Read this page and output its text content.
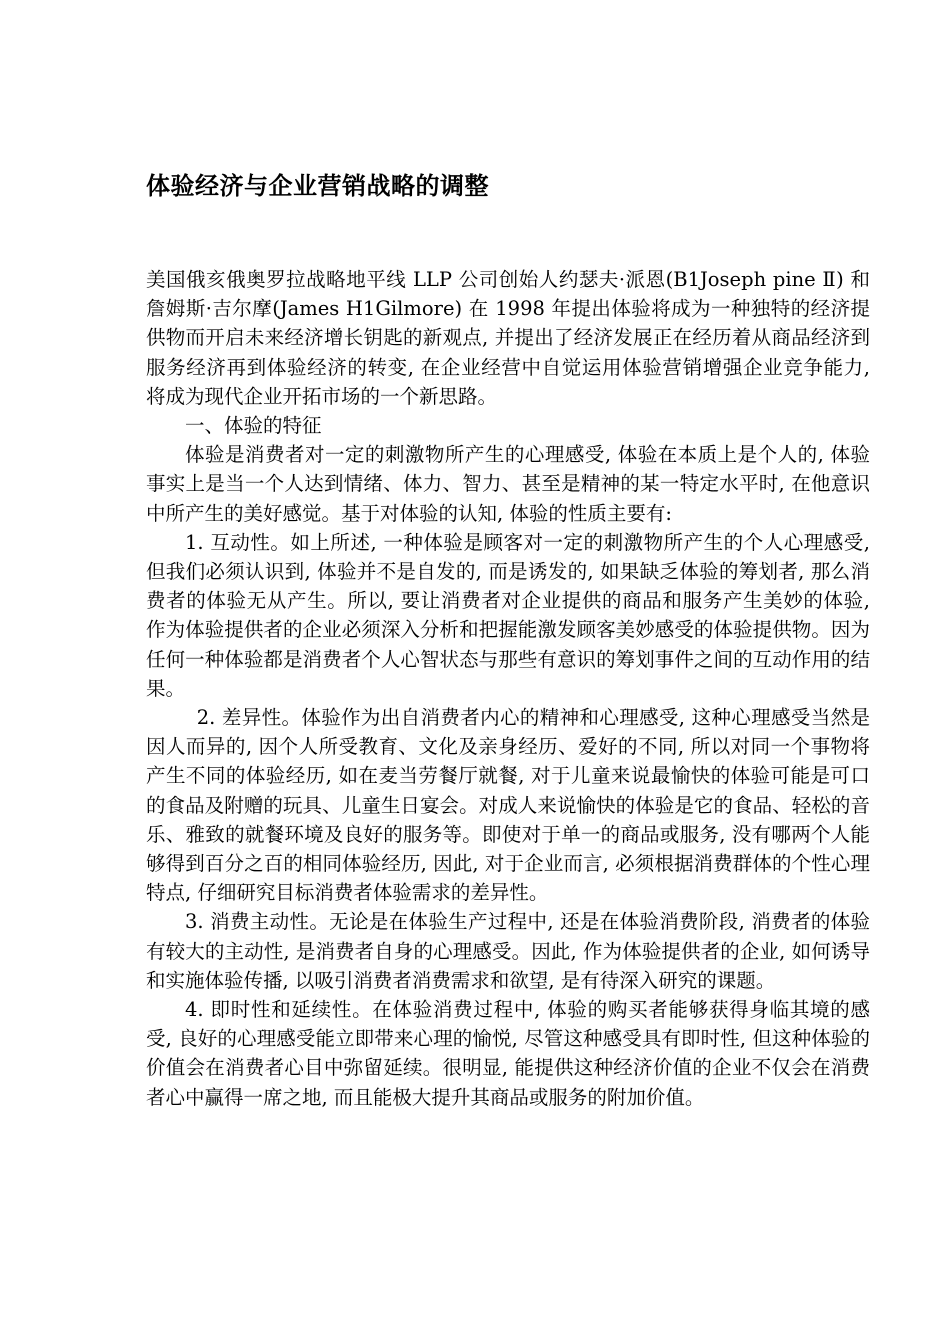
体验经济与企业营销战略的调整

美国俄亥俄奥罗拉战略地平线 LLP 公司创始人约瑟夫·派恩(B1Joseph pine Ⅱ) 和詹姆斯·吉尔摩(James H1Gilmore) 在 1998 年提出体验将成为一种独特的经济提供物而开启未来经济增长钥匙的新观点, 并提出了经济发展正在经历着从商品经济到服务经济再到体验经济的转变, 在企业经营中自觉运用体验营销增强企业竞争能力, 将成为现代企业开拓市场的一个新思路。

一、体验的特征

体验是消费者对一定的刺激物所产生的心理感受, 体验在本质上是个人的, 体验事实上是当一个人达到情绪、体力、智力、甚至是精神的某一特定水平时, 在他意识中所产生的美好感觉。基于对体验的认知, 体验的性质主要有:

1. 互动性。如上所述, 一种体验是顾客对一定的刺激物所产生的个人心理感受, 但我们必须认识到, 体验并不是自发的, 而是诱发的, 如果缺乏体验的筹划者, 那么消费者的体验无从产生。所以, 要让消费者对企业提供的商品和服务产生美妙的体验, 作为体验提供者的企业必须深入分析和把握能激发顾客美妙感受的体验提供物。因为任何一种体验都是消费者个人心智状态与那些有意识的筹划事件之间的互动作用的结果。

2. 差异性。体验作为出自消费者内心的精神和心理感受, 这种心理感受当然是因人而异的, 因个人所受教育、文化及亲身经历、爱好的不同, 所以对同一个事物将产生不同的体验经历, 如在麦当劳餐厅就餐, 对于儿童来说最愉快的体验可能是可口的食品及附赠的玩具、儿童生日宴会。对成人来说愉快的体验是它的食品、轻松的音乐、雅致的就餐环境及良好的服务等。即使对于单一的商品或服务, 没有哪两个人能够得到百分之百的相同体验经历, 因此, 对于企业而言, 必须根据消费群体的个性心理特点, 仔细研究目标消费者体验需求的差异性。

3. 消费主动性。无论是在体验生产过程中, 还是在体验消费阶段, 消费者的体验有较大的主动性, 是消费者自身的心理感受。因此, 作为体验提供者的企业, 如何诱导和实施体验传播, 以吸引消费者消费需求和欲望, 是有待深入研究的课题。

4. 即时性和延续性。在体验消费过程中, 体验的购买者能够获得身临其境的感受, 良好的心理感受能立即带来心理的愉悦, 尽管这种感受具有即时性, 但这种体验的价值会在消费者心目中弥留延续。很明显, 能提供这种经济价值的企业不仅会在消费者心中赢得一席之地, 而且能极大提升其商品或服务的附加价值。
